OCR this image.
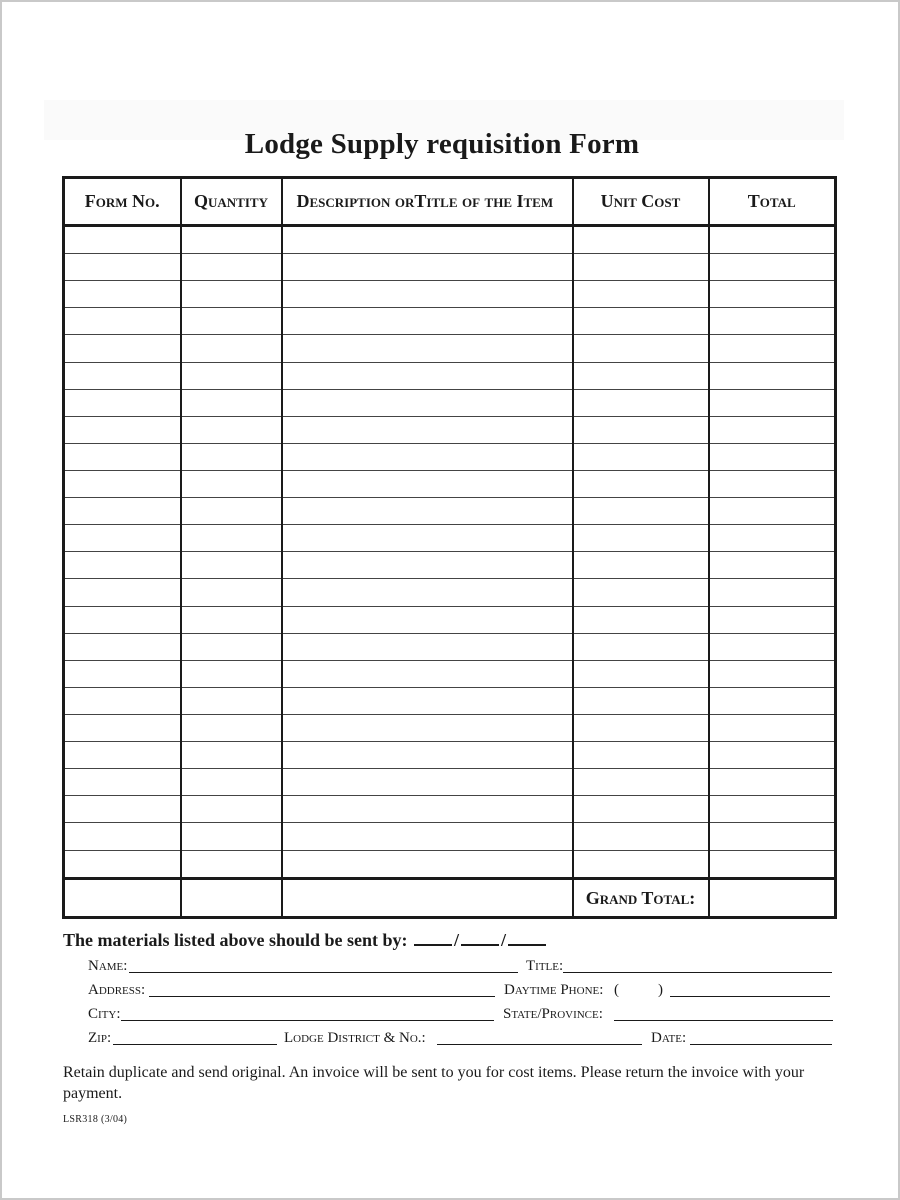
Lodge Supply requisition Form
Form No.	Quantity	Description orTitle of the Item	Unit Cost	Total

			Grand Total:	
The materials listed above should be sent by:	/ /
Name:	Title:
Address:	Daytime Phone: (	)
City:	State/Province:
Zip:	Lodge District & No.:	Date:
Retain duplicate and send original. An invoice will be sent to you for cost items. Please return the invoice with your payment.
LSR318 (3/04)
